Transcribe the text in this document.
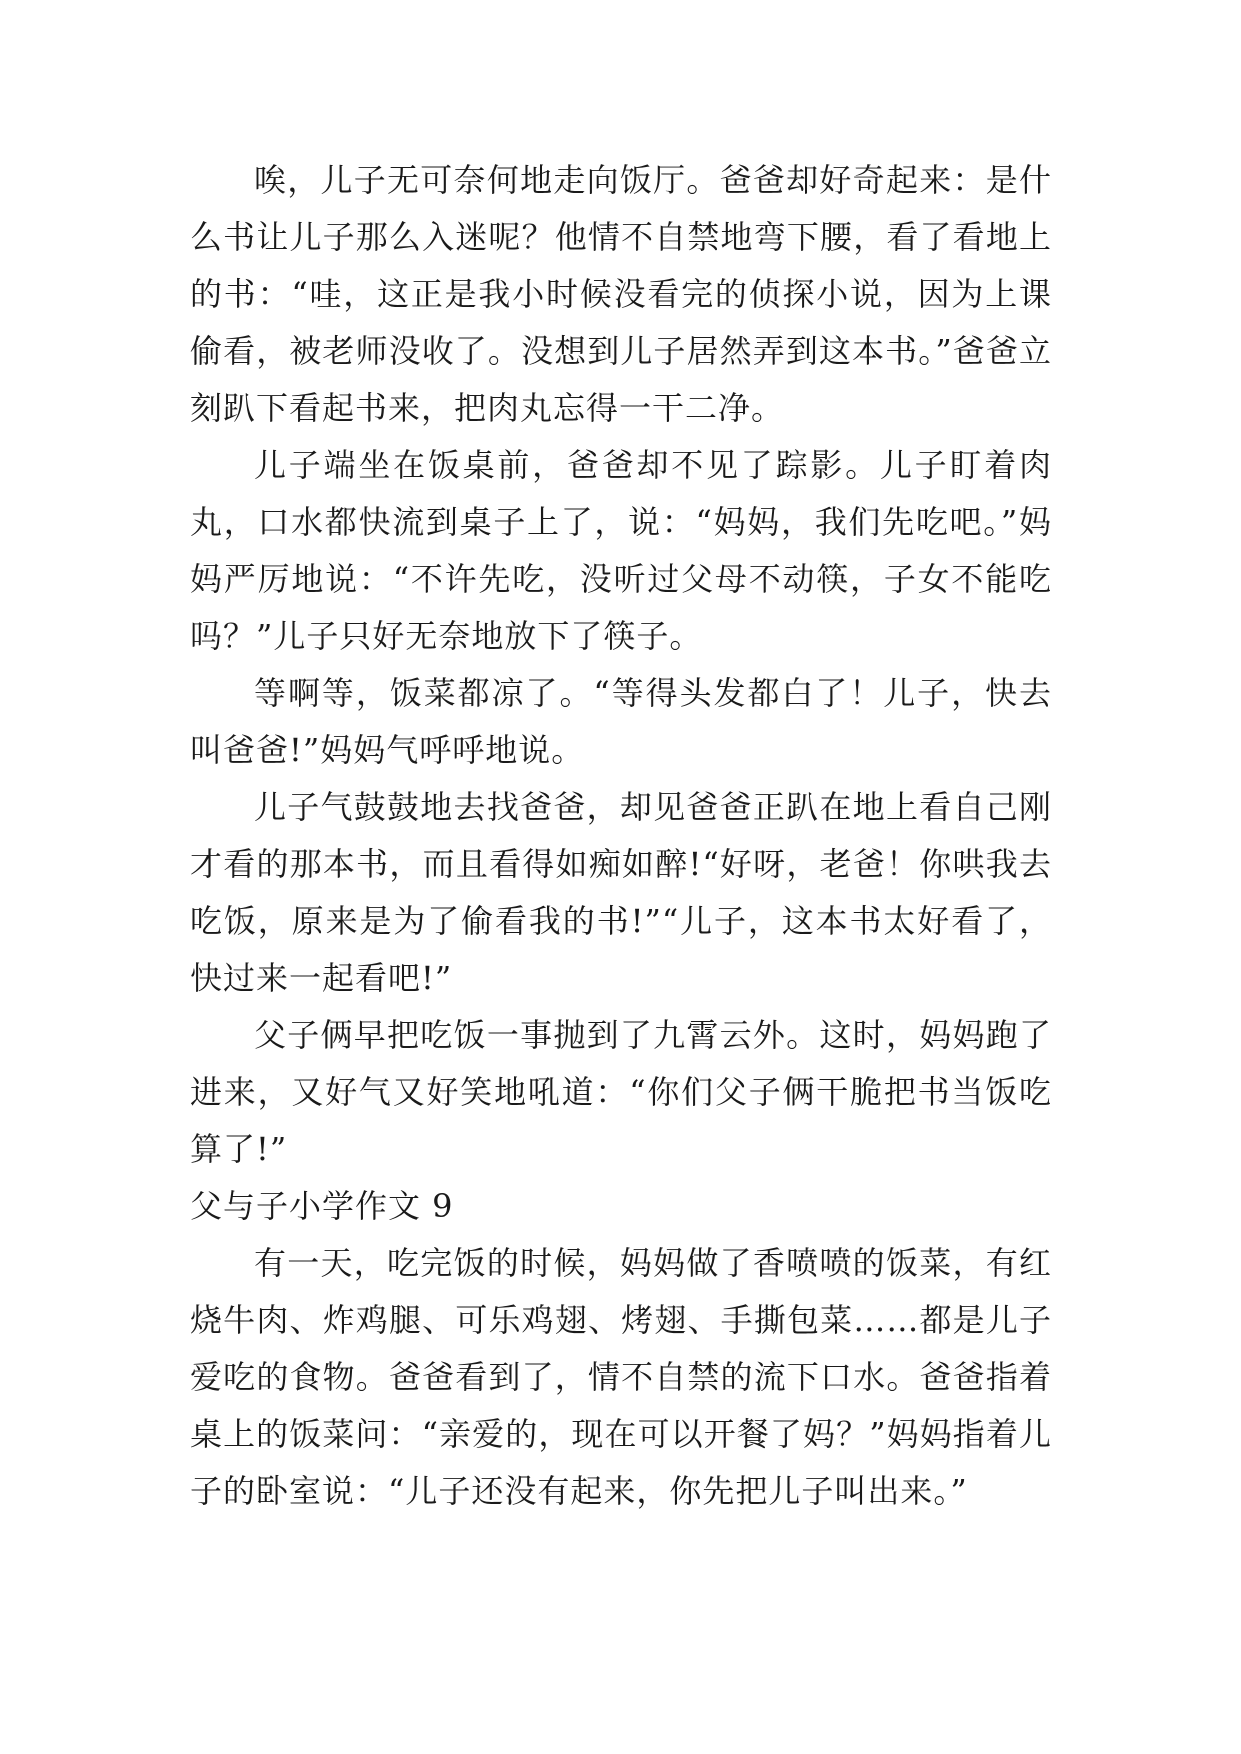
唉，儿子无可奈何地走向饭厅。爸爸却好奇起来：是什么书让儿子那么入迷呢？他情不自禁地弯下腰，看了看地上的书：“哇，这正是我小时候没看完的侦探小说，因为上课偷看，被老师没收了。没想到儿子居然弄到这本书。”爸爸立刻趴下看起书来，把肉丸忘得一干二净。

儿子端坐在饭桌前，爸爸却不见了踪影。儿子盯着肉丸，口水都快流到桌子上了，说：“妈妈，我们先吃吧。”妈妈严厉地说：“不许先吃，没听过父母不动筷，子女不能吃吗？”儿子只好无奈地放下了筷子。

等啊等，饭菜都凉了。“等得头发都白了！儿子，快去叫爸爸!”妈妈气呼呼地说。

儿子气鼓鼓地去找爸爸，却见爸爸正趴在地上看自己刚才看的那本书，而且看得如痴如醉!“好呀，老爸！你哄我去吃饭，原来是为了偷看我的书!”“儿子，这本书太好看了，快过来一起看吧!”

父子俩早把吃饭一事抛到了九霄云外。这时，妈妈跑了进来，又好气又好笑地吼道：“你们父子俩干脆把书当饭吃算了!”

父与子小学作文 9

有一天，吃完饭的时候，妈妈做了香喷喷的饭菜，有红烧牛肉、炸鸡腿、可乐鸡翅、烤翅、手撕包菜……都是儿子爱吃的食物。爸爸看到了，情不自禁的流下口水。爸爸指着桌上的饭菜问：“亲爱的，现在可以开餐了妈？”妈妈指着儿子的卧室说：“儿子还没有起来，你先把儿子叫出来。”
